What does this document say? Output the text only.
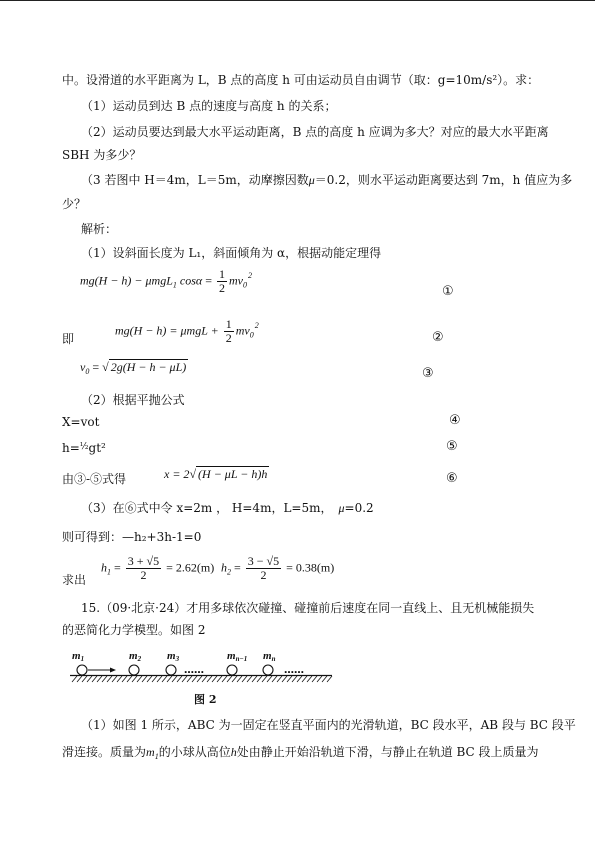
中。设滑道的水平距离为 L，B 点的高度 h 可由运动员自由调节（取：g=10m/s²）。求：
（1）运动员到达 B 点的速度与高度 h 的关系；
（2）运动员要达到最大水平运动距离，B 点的高度 h 应调为多大？对应的最大水平距离
SBH 为多少？
（3 若图中 H＝4m，L＝5m，动摩擦因数μ＝0.2，则水平运动距离要达到 7m，h 值应为多
少？
解析：
（1）设斜面长度为 L₁，斜面倾角为 α，根据动能定理得
mg(H − h) − μmgL$_1$ $\cos\alpha = \frac{1}{2} mv_0^2$
①
即
$mg(H - h) = \mu mgL + \frac{1}{2} mv_0^2$
②
$v_0$ = √ 2g(H − h − μL)	③
（2）根据平抛公式
X=vot	④
h=½gt²	⑤
由③-⑤式得	x = 2√ (H − μL − h)h	⑥
（3）在⑥式中令 x=2m ， H=4m，L=5m， μ=0.2
则可得到：—h₂+3h-1=0
求出
$h_1 = \frac{3 + √5}{2} = 2.62(m) h_2 = \frac{3 - √5}{2} = 0.38(m)$
15.（09·北京·24）才用多球依次碰撞、碰撞前后速度在同一直线上、且无机械能损失
的恶简化力学模型。如图 2
m1	m2 m3	mn−1 mn
……	……
图 2
（1）如图 1 所示，ABC 为一固定在竖直平面内的光滑轨道，BC 段水平，AB 段与 BC 段平
滑连接。质量为$m_1$的小球从高位h处由静止开始沿轨道下滑，与静止在轨道 BC 段上质量为
